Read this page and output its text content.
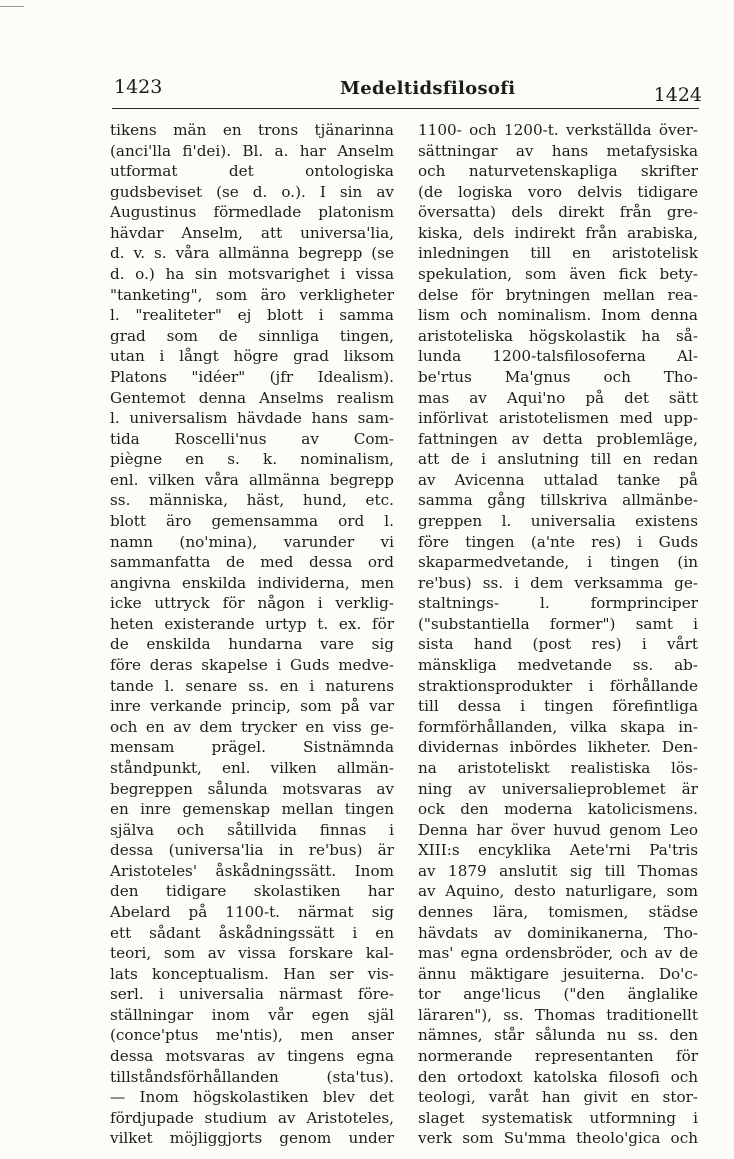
1423	Medeltidsfilosofi	1424
tikens män en trons tjänarinna
(anci'lla fi'dei). Bl. a. har Anselm
utformat det ontologiska
gudsbeviset (se d. o.). I sin av
Augustinus förmedlade platonism
hävdar Anselm, att universa'lia,
d. v. s. våra allmänna begrepp (se
d. o.) ha sin motsvarighet i vissa
"tanketing", som äro verkligheter
l. "realiteter" ej blott i samma
grad som de sinnliga tingen,
utan i långt högre grad liksom
Platons "idéer" (jfr Idealism).
Gentemot denna Anselms realism
l. universalism hävdade hans sam-
tida Roscelli'nus av Com-
piègne en s. k. nominalism,
enl. vilken våra allmänna begrepp
ss. människa, häst, hund, etc.
blott äro gemensamma ord l.
namn (no'mina), varunder vi
sammanfatta de med dessa ord
angivna enskilda individerna, men
icke uttryck för någon i verklig-
heten existerande urtyp t. ex. för
de enskilda hundarna vare sig
före deras skapelse i Guds medve-
tande l. senare ss. en i naturens
inre verkande princip, som på var
och en av dem trycker en viss ge-
mensam prägel. Sistnämnda
ståndpunkt, enl. vilken allmän-
begreppen sålunda motsvaras av
en inre gemenskap mellan tingen
själva och såtillvida finnas i
dessa (universa'lia in re'bus) är
Aristoteles' åskådningssätt. Inom
den tidigare skolastiken har
Abelard på 1100-t. närmat sig
ett sådant åskådningssätt i en
teori, som av vissa forskare kal-
lats konceptualism. Han ser vis-
serl. i universalia närmast före-
ställningar inom vår egen själ
(conce'ptus me'ntis), men anser
dessa motsvaras av tingens egna
tillståndsförhållanden (sta'tus).
— Inom högskolastiken blev det
fördjupade studium av Aristoteles,
vilket möjliggjorts genom under
1100- och 1200-t. verkställda över-
sättningar av hans metafysiska
och naturvetenskapliga skrifter
(de logiska voro delvis tidigare
översatta) dels direkt från gre-
kiska, dels indirekt från arabiska,
inledningen till en aristotelisk
spekulation, som även fick bety-
delse för brytningen mellan rea-
lism och nominalism. Inom denna
aristoteliska högskolastik ha så-
lunda 1200-talsfilosoferna Al-
be'rtus Ma'gnus och Tho-
mas av Aqui'no på det sätt
införlivat aristotelismen med upp-
fattningen av detta problemläge,
att de i anslutning till en redan
av Avicenna uttalad tanke på
samma gång tillskriva allmänbe-
greppen l. universalia existens
före tingen (a'nte res) i Guds
skaparmedvetande, i tingen (in
re'bus) ss. i dem verksamma ge-
staltnings- l. formprinciper
("substantiella former") samt i
sista hand (post res) i vårt
mänskliga medvetande ss. ab-
straktionsprodukter i förhållande
till dessa i tingen förefintliga
formförhållanden, vilka skapa in-
dividernas inbördes likheter. Den-
na aristoteliskt realistiska lös-
ning av universalieproblemet är
ock den moderna katolicismens.
Denna har över huvud genom Leo
XIII:s encyklika Aete'rni Pa'tris
av 1879 anslutit sig till Thomas
av Aquino, desto naturligare, som
dennes lära, tomismen, städse
hävdats av dominikanerna, Tho-
mas' egna ordensbröder, och av de
ännu mäktigare jesuiterna. Do'c-
tor ange'licus ("den änglalike
läraren"), ss. Thomas traditionellt
nämnes, står sålunda nu ss. den
normerande representanten för
den ortodoxt katolska filosofi och
teologi, varåt han givit en stor-
slaget systematisk utformning i
verk som Su'mma theolo'gica och
